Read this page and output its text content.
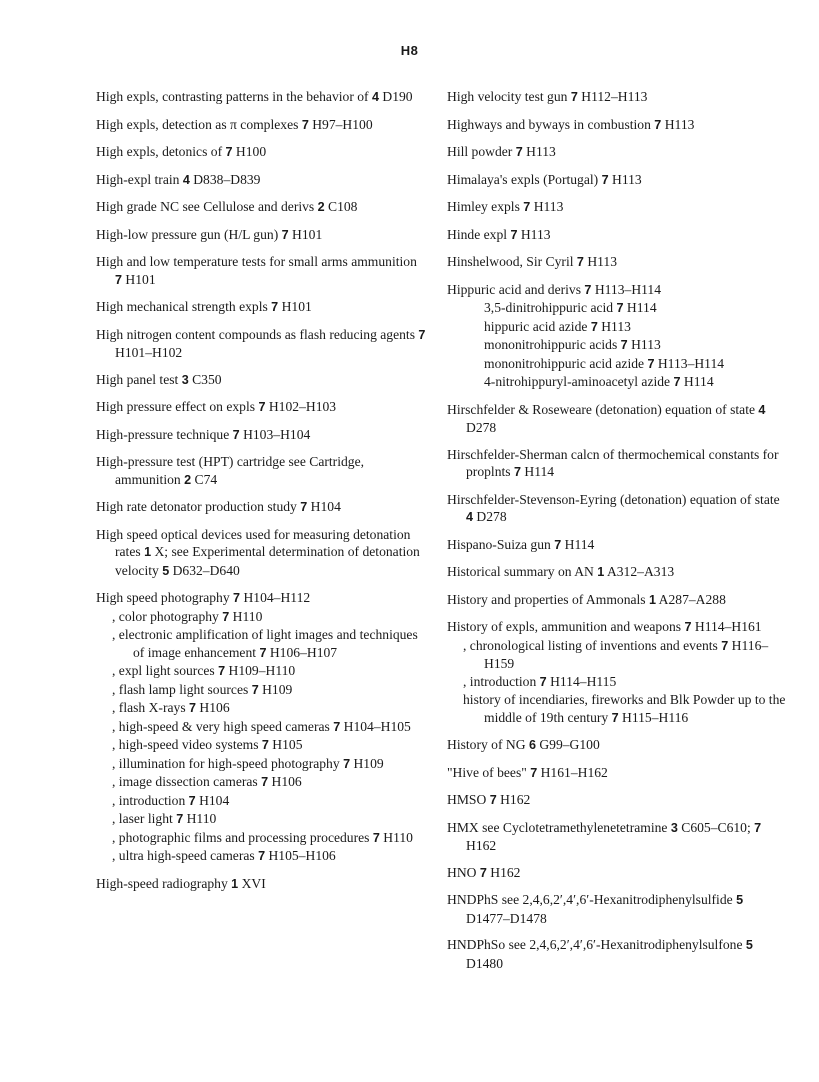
H8
High expls, contrasting patterns in the behavior of 4 D190
High expls, detection as π complexes 7 H97–H100
High expls, detonics of 7 H100
High-expl train 4 D838–D839
High grade NC see Cellulose and derivs 2 C108
High-low pressure gun (H/L gun) 7 H101
High and low temperature tests for small arms ammunition 7 H101
High mechanical strength expls 7 H101
High nitrogen content compounds as flash reducing agents 7 H101–H102
High panel test 3 C350
High pressure effect on expls 7 H102–H103
High-pressure technique 7 H103–H104
High-pressure test (HPT) cartridge see Cartridge, ammunition 2 C74
High rate detonator production study 7 H104
High speed optical devices used for measuring detonation rates 1 X; see Experimental determination of detonation velocity 5 D632–D640
High speed photography 7 H104–H112
, color photography 7 H110
, electronic amplification of light images and techniques of image enhancement 7 H106–H107
, expl light sources 7 H109–H110
, flash lamp light sources 7 H109
, flash X-rays 7 H106
, high-speed & very high speed cameras 7 H104–H105
, high-speed video systems 7 H105
, illumination for high-speed photography 7 H109
, image dissection cameras 7 H106
, introduction 7 H104
, laser light 7 H110
, photographic films and processing procedures 7 H110
, ultra high-speed cameras 7 H105–H106
High-speed radiography 1 XVI
High velocity test gun 7 H112–H113
Highways and byways in combustion 7 H113
Hill powder 7 H113
Himalaya's expls (Portugal) 7 H113
Himley expls 7 H113
Hinde expl 7 H113
Hinshelwood, Sir Cyril 7 H113
Hippuric acid and derivs 7 H113–H114
3,5-dinitrohippuric acid 7 H114
hippuric acid azide 7 H113
mononitrohippuric acids 7 H113
mononitrohippuric acid azide 7 H113–H114
4-nitrohippuryl-aminoacetyl azide 7 H114
Hirschfelder & Roseweare (detonation) equation of state 4 D278
Hirschfelder-Sherman calcn of thermochemical constants for proplnts 7 H114
Hirschfelder-Stevenson-Eyring (detonation) equation of state 4 D278
Hispano-Suiza gun 7 H114
Historical summary on AN 1 A312–A313
History and properties of Ammonals 1 A287–A288
History of expls, ammunition and weapons 7 H114–H161
, chronological listing of inventions and events 7 H116–H159
, introduction 7 H114–H115
history of incendiaries, fireworks and Blk Powder up to the middle of 19th century 7 H115–H116
History of NG 6 G99–G100
"Hive of bees" 7 H161–H162
HMSO 7 H162
HMX see Cyclotetramethylenetetramine 3 C605–C610; 7 H162
HNO 7 H162
HNDPhS see 2,4,6,2′,4′,6′-Hexanitrodiphenylsulfide 5 D1477–D1478
HNDPhSo see 2,4,6,2′,4′,6′-Hexanitrodiphenylsulfone 5 D1480
